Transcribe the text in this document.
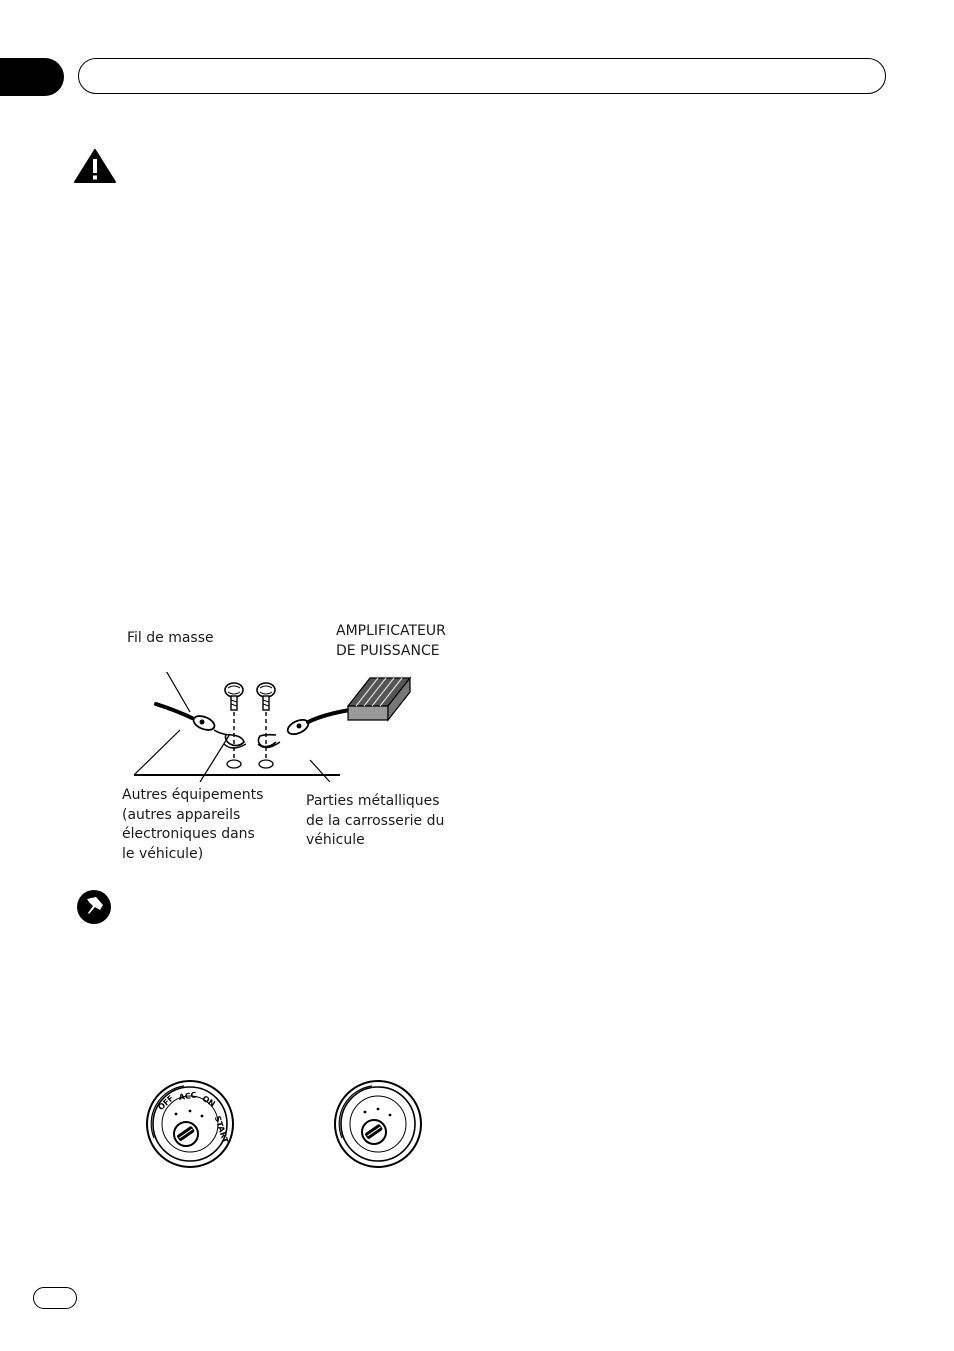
Fil de masse	AMPLIFICATEUR
DE PUISSANCE
Autres équipements
(autres appareils
électroniques dans
le véhicule)
Parties métalliques
de la carrosserie du
véhicule
OFF ACC ON
START
